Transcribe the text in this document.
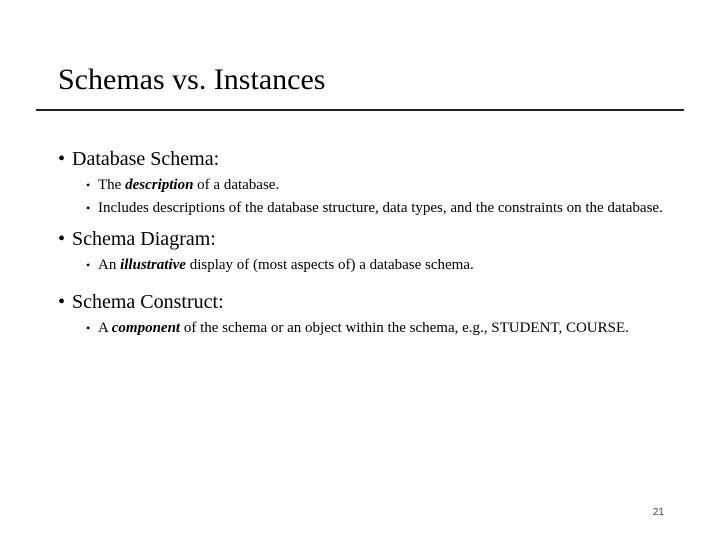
Schemas vs. Instances
• Database Schema:
• The description of a database.
• Includes descriptions of the database structure, data types, and the constraints on the database.
• Schema Diagram:
• An illustrative display of (most aspects of) a database schema.
• Schema Construct:
• A component of the schema or an object within the schema, e.g., STUDENT, COURSE.
21
